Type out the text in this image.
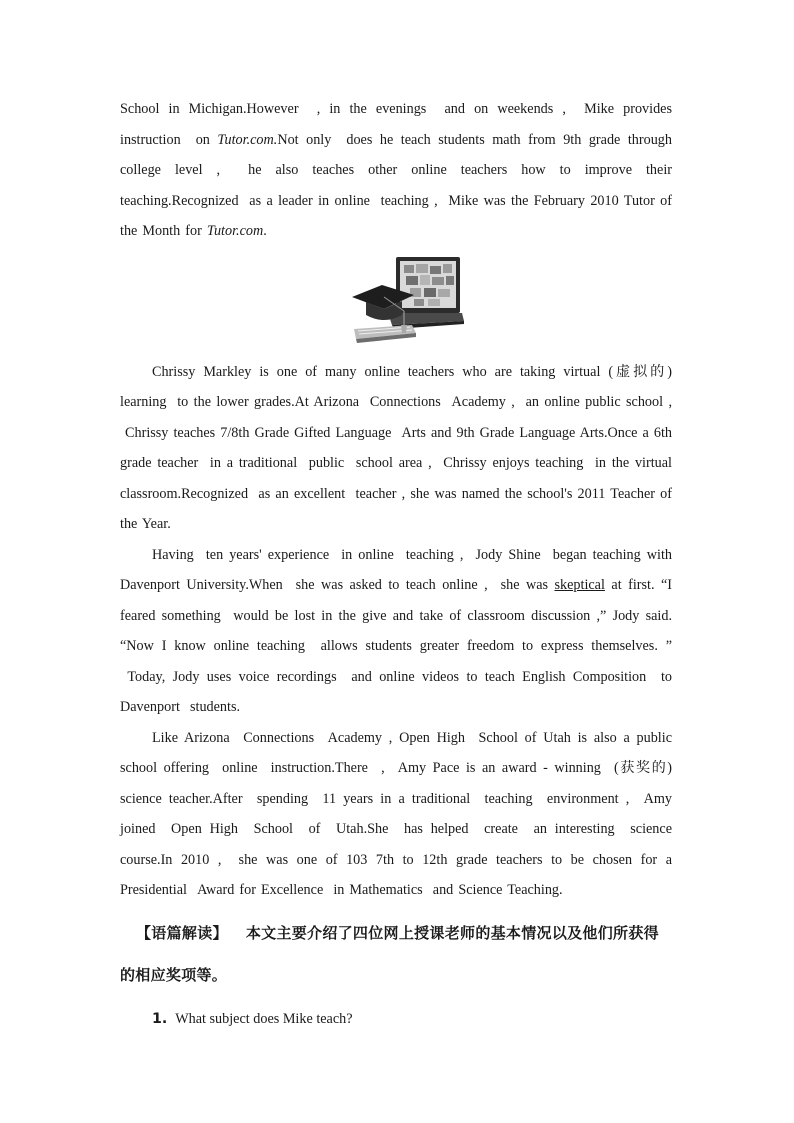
School in Michigan.However  , in the evenings  and on weekends ,  Mike provides instruction  on Tutor.com.Not only  does he teach students math from 9th grade through college level ,  he also teaches other online teachers how to improve their teaching.Recognized  as a leader in online  teaching ,  Mike was the February 2010 Tutor of the Month for Tutor.com.

Chrissy Markley is one of many online teachers who are taking virtual (虚拟的) learning  to the lower grades.At Arizona  Connections  Academy ,  an online public school ,  Chrissy teaches 7/8th Grade Gifted Language  Arts and 9th Grade Language Arts.Once a 6th grade teacher  in a traditional  public  school area ,  Chrissy enjoys teaching  in the virtual classroom.Recognized  as an excellent  teacher , she was named the school's 2011 Teacher of the Year.

Having  ten years' experience  in online  teaching ,  Jody Shine  began teaching with Davenport University.When  she was asked to teach online ,  she was skeptical at first. “I feared something  would be lost in the give and take of classroom discussion ,” Jody said. “Now I know online teaching  allows students greater freedom to express themselves. ”  Today, Jody uses voice recordings  and online videos to teach English Composition  to Davenport  students.

Like Arizona  Connections  Academy , Open High  School of Utah is also a public school offering  online  instruction.There  ,  Amy Pace is an award - winning  (获奖的) science teacher.After  spending  11 years in a traditional  teaching  environment ,  Amy joined  Open High  School  of  Utah.She  has helped  create  an interesting  science course.In 2010 ,  she was one of 103 7th to 12th grade teachers to be chosen for a Presidential  Award for Excellence  in Mathematics  and Science Teaching.

【语篇解读】 本文主要介绍了四位网上授课老师的基本情况以及他们所获得的相应奖项等。
1. What subject does Mike teach?
